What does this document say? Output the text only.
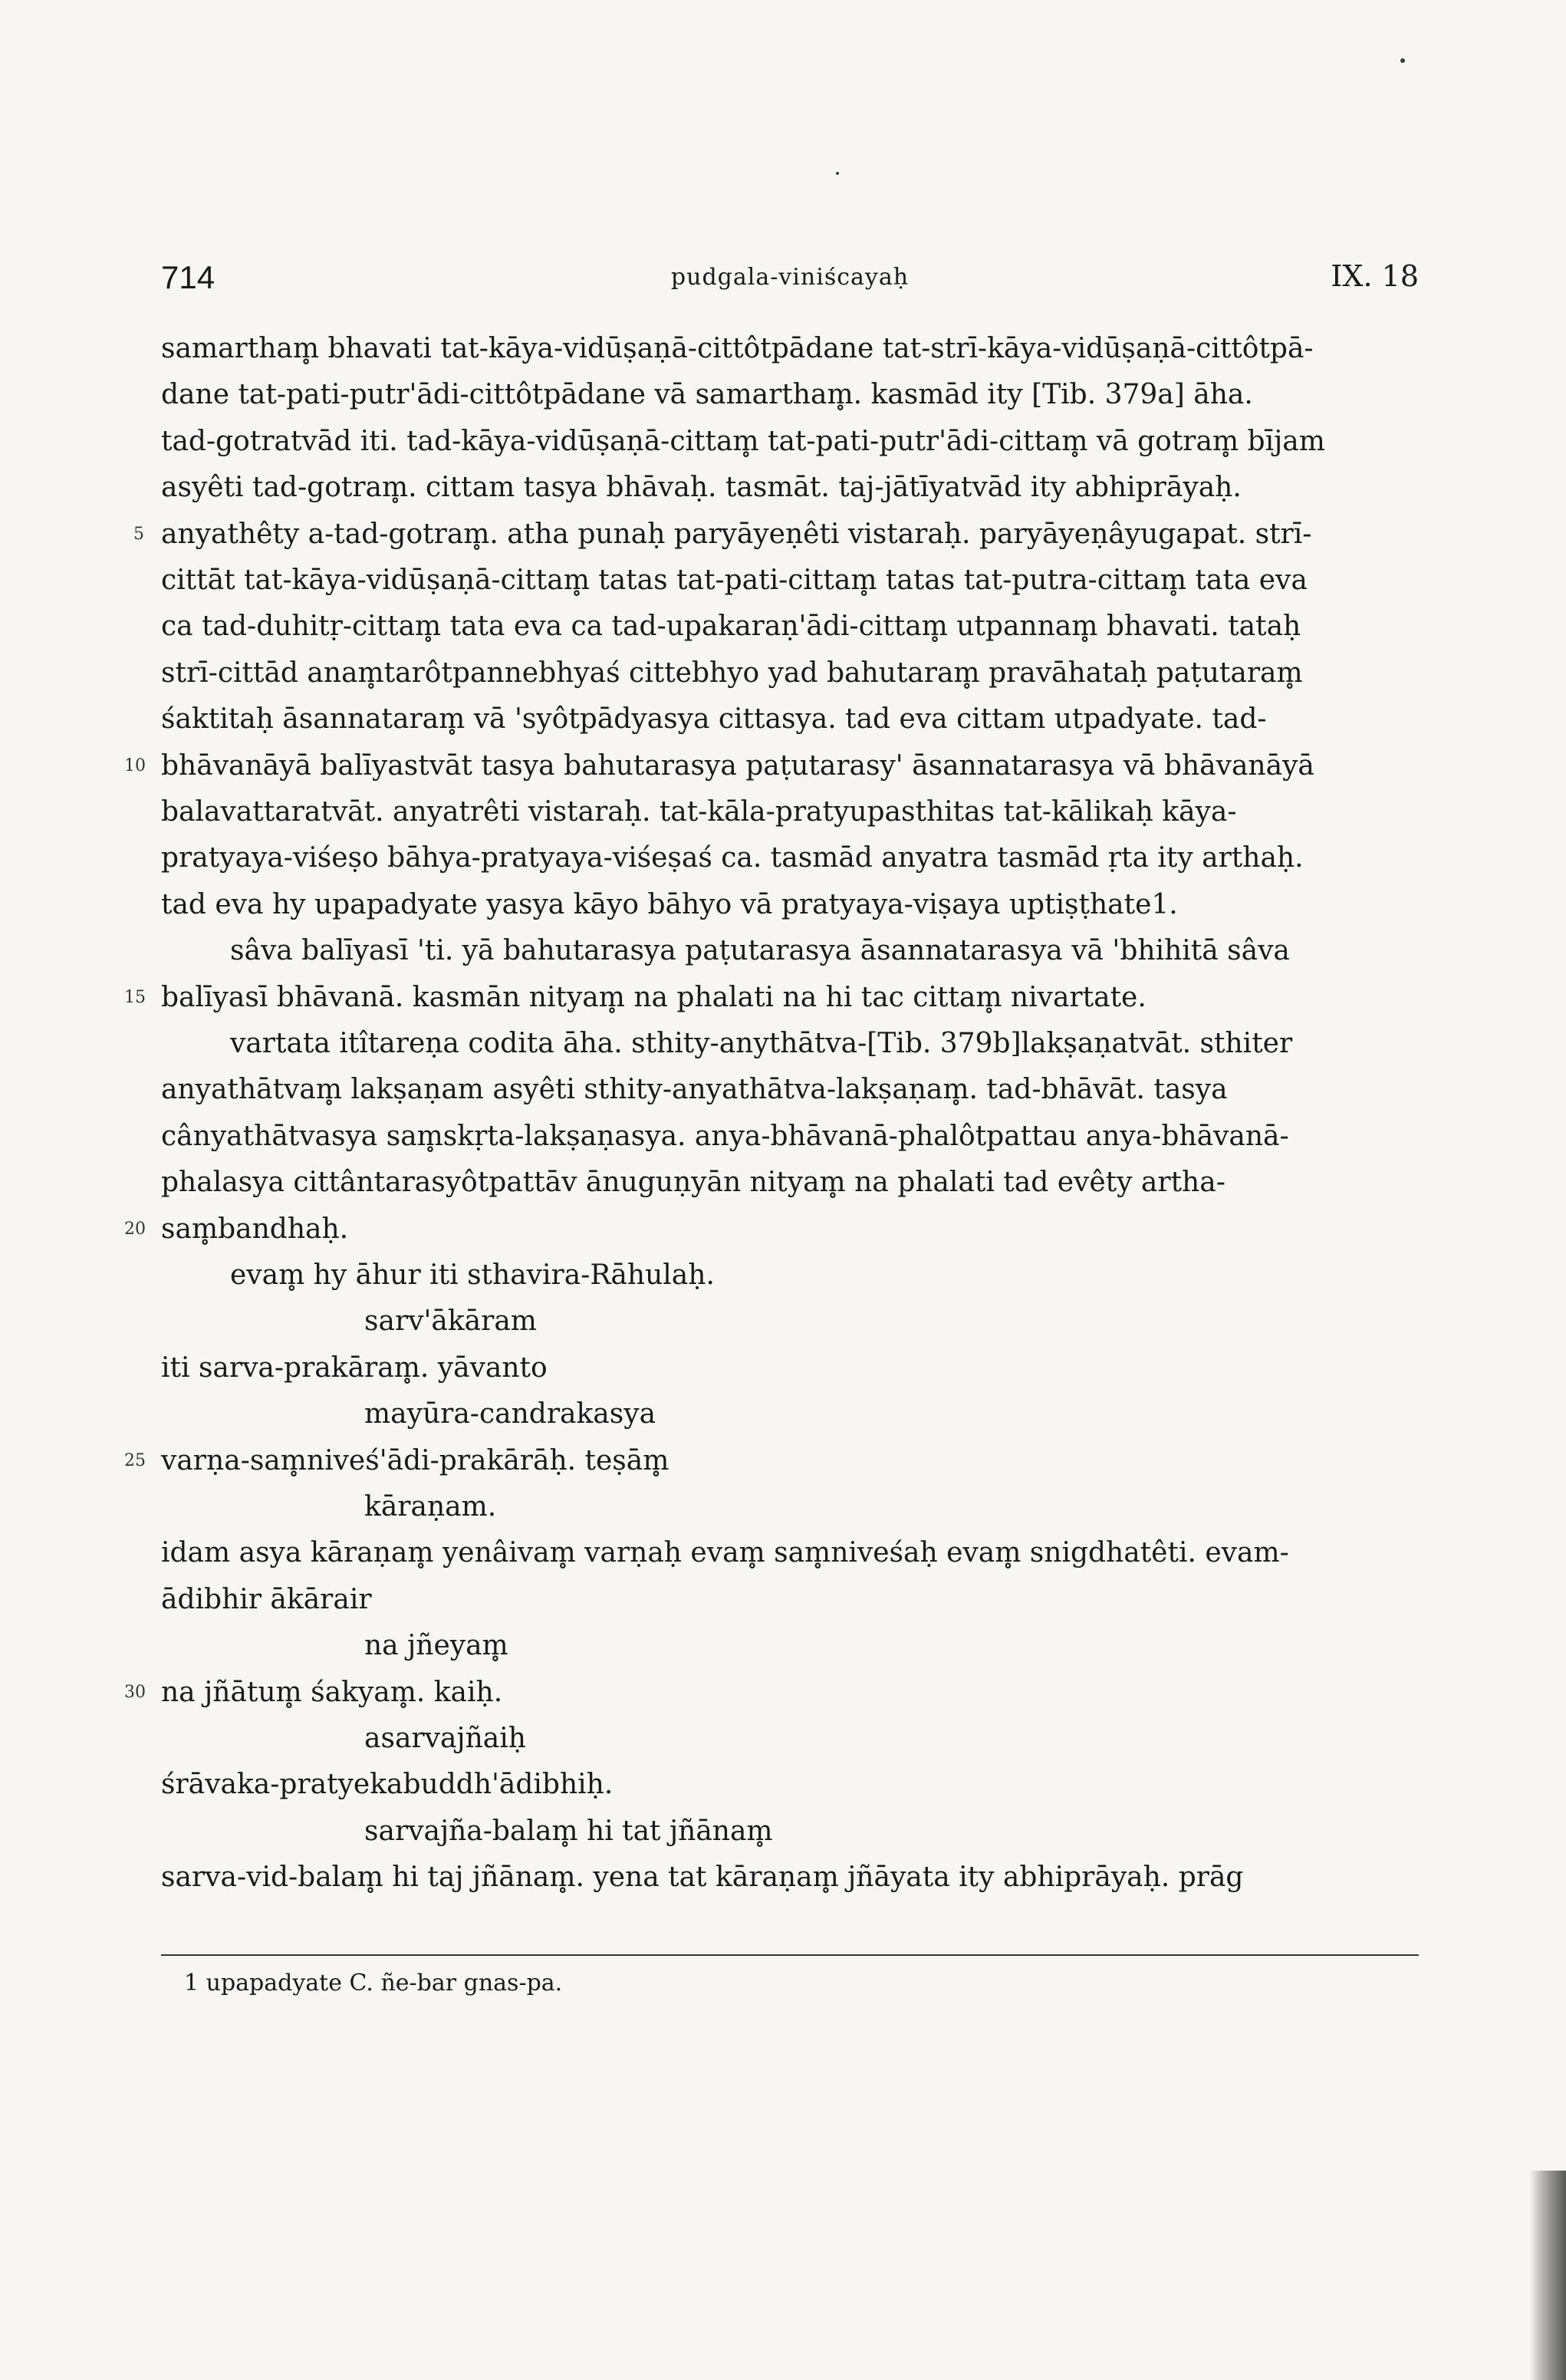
714	pudgala-viniścayaḥ	IX. 18
samartham̥ bhavati tat-kāya-vidūṣaṇā-cittôtpādane tat-strī-kāya-vidūṣaṇā-cittôtpā-
dane tat-pati-putr'ādi-cittôtpādane vā samartham̥. kasmād ity [Tib. 379a] āha.
tad-gotratvād iti. tad-kāya-vidūṣaṇā-cittam̥ tat-pati-putr'ādi-cittam̥ vā gotram̥ bījam
asyêti tad-gotram̥. cittam tasya bhāvaḥ. tasmāt. taj-jātīyatvād ity abhiprāyaḥ.
5 anyathêty a-tad-gotram̥. atha punaḥ paryāyeṇêti vistaraḥ. paryāyeṇâyugapat. strī-
cittāt tat-kāya-vidūṣaṇā-cittam̥ tatas tat-pati-cittam̥ tatas tat-putra-cittam̥ tata eva
ca tad-duhitṛ-cittam̥ tata eva ca tad-upakaraṇ'ādi-cittam̥ utpannam̥ bhavati. tataḥ
strī-cittād anam̥tarôtpannebhyaś cittebhyo yad bahutaram̥ pravāhataḥ paṭutaram̥
śaktitaḥ āsannataram̥ vā 'syôtpādyasya cittasya. tad eva cittam utpadyate. tad-
10 bhāvanāyā balīyastvāt tasya bahutarasya paṭutarasy' āsannatarasya vā bhāvanāyā
balavattaratvāt. anyatrêti vistaraḥ. tat-kāla-pratyupasthitas tat-kālikaḥ kāya-
pratyaya-viśeṣo bāhya-pratyaya-viśeṣaś ca. tasmād anyatra tasmād ṛta ity arthaḥ.
tad eva hy upapadyate yasya kāyo bāhyo vā pratyaya-viṣaya uptiṣṭhate1.
sâva balīyasī 'ti. yā bahutarasya paṭutarasya āsannatarasya vā 'bhihitā sâva
15 balīyasī bhāvanā. kasmān nityam̥ na phalati na hi tac cittam̥ nivartate.
vartata itîtareṇa codita āha. sthity-anythātva-[Tib. 379b]lakṣaṇatvāt. sthiter
anyathātvam̥ lakṣaṇam asyêti sthity-anyathātva-lakṣaṇam̥. tad-bhāvāt. tasya
cânyathātvasya sam̥skṛta-lakṣaṇasya. anya-bhāvanā-phalôtpattau anya-bhāvanā-
phalasya cittântarasyôtpattāv ānuguṇyān nityam̥ na phalati tad evêty artha-
20 sam̥bandhaḥ.
evam̥ hy āhur iti sthavira-Rāhulaḥ.
sarv'ākāram
iti sarva-prakāram̥. yāvanto
mayūra-candrakasya
25 varṇa-sam̥niveś'ādi-prakārāḥ. teṣām̥
kāraṇam.
idam asya kāraṇam̥ yenâivam̥ varṇaḥ evam̥ sam̥niveśaḥ evam̥ snigdhatêti. evam-
ādibhir ākārair
na jñeyam̥
30 na jñātum̥ śakyam̥. kaiḥ.
asarvajñaiḥ
śrāvaka-pratyekabuddh'ādibhiḥ.
sarvajña-balam̥ hi tat jñānam̥
sarva-vid-balam̥ hi taj jñānam̥. yena tat kāraṇam̥ jñāyata ity abhiprāyaḥ. prāg
1 upapadyate C. ñe-bar gnas-pa.
